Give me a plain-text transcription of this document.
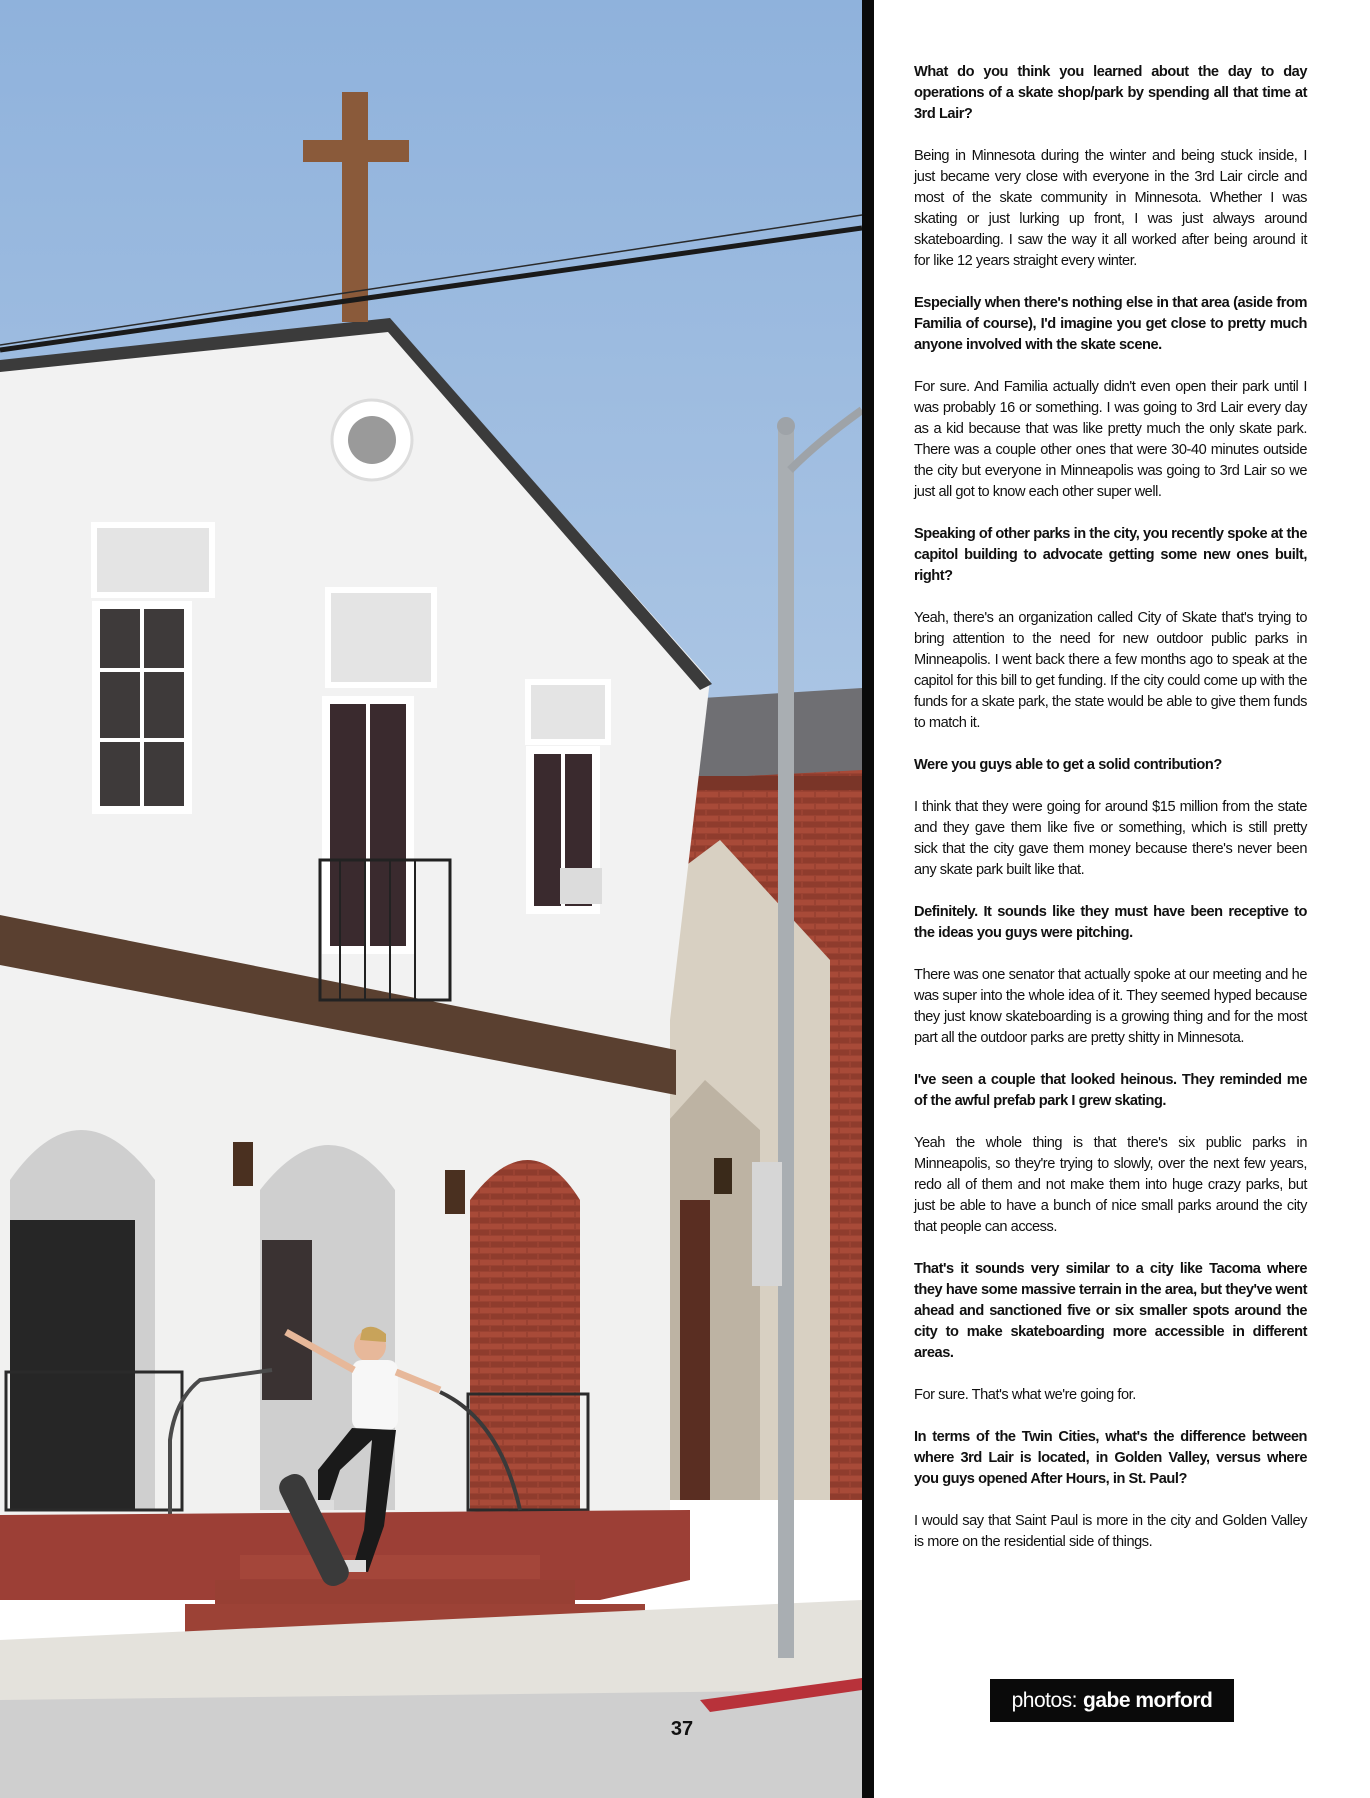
37

What do you think you learned about the day to day operations of a skate shop/park by spending all that time at 3rd Lair?

Being in Minnesota during the winter and being stuck inside, I just became very close with everyone in the 3rd Lair circle and most of the skate community in Minnesota. Whether I was skating or just lurking up front, I was just always around skateboarding. I saw the way it all worked after being around it for like 12 years straight every winter.

Especially when there's nothing else in that area (aside from Familia of course), I'd imagine you get close to pretty much anyone involved with the skate scene.

For sure. And Familia actually didn't even open their park until I was probably 16 or something. I was going to 3rd Lair every day as a kid because that was like pretty much the only skate park. There was a couple other ones that were 30-40 minutes outside the city but everyone in Minneapolis was going to 3rd Lair so we just all got to know each other super well.

Speaking of other parks in the city, you recently spoke at the capitol building to advocate getting some new ones built, right?

Yeah, there's an organization called City of Skate that's trying to bring attention to the need for new outdoor public parks in Minneapolis. I went back there a few months ago to speak at the capitol for this bill to get funding. If the city could come up with the funds for a skate park, the state would be able to give them funds to match it.

Were you guys able to get a solid contribution?

I think that they were going for around $15 million from the state and they gave them like five or something, which is still pretty sick that the city gave them money because there's never been any skate park built like that.

Definitely. It sounds like they must have been receptive to the ideas you guys were pitching.

There was one senator that actually spoke at our meeting and he was super into the whole idea of it. They seemed hyped because they just know skateboarding is a growing thing and for the most part all the outdoor parks are pretty shitty in Minnesota.

I've seen a couple that looked heinous. They reminded me of the awful prefab park I grew skating.

Yeah the whole thing is that there's six public parks in Minneapolis, so they're trying to slowly, over the next few years, redo all of them and not make them into huge crazy parks, but just be able to have a bunch of nice small parks around the city that people can access.

That's it sounds very similar to a city like Tacoma where they have some massive terrain in the area, but they've went ahead and sanctioned five or six smaller spots around the city to make skateboarding more accessible in different areas.

For sure. That's what we're going for.

In terms of the Twin Cities, what's the difference between where 3rd Lair is located, in Golden Valley, versus where you guys opened After Hours, in St. Paul?

I would say that Saint Paul is more in the city and Golden Valley is more on the residential side of things.

photos: gabe morford
